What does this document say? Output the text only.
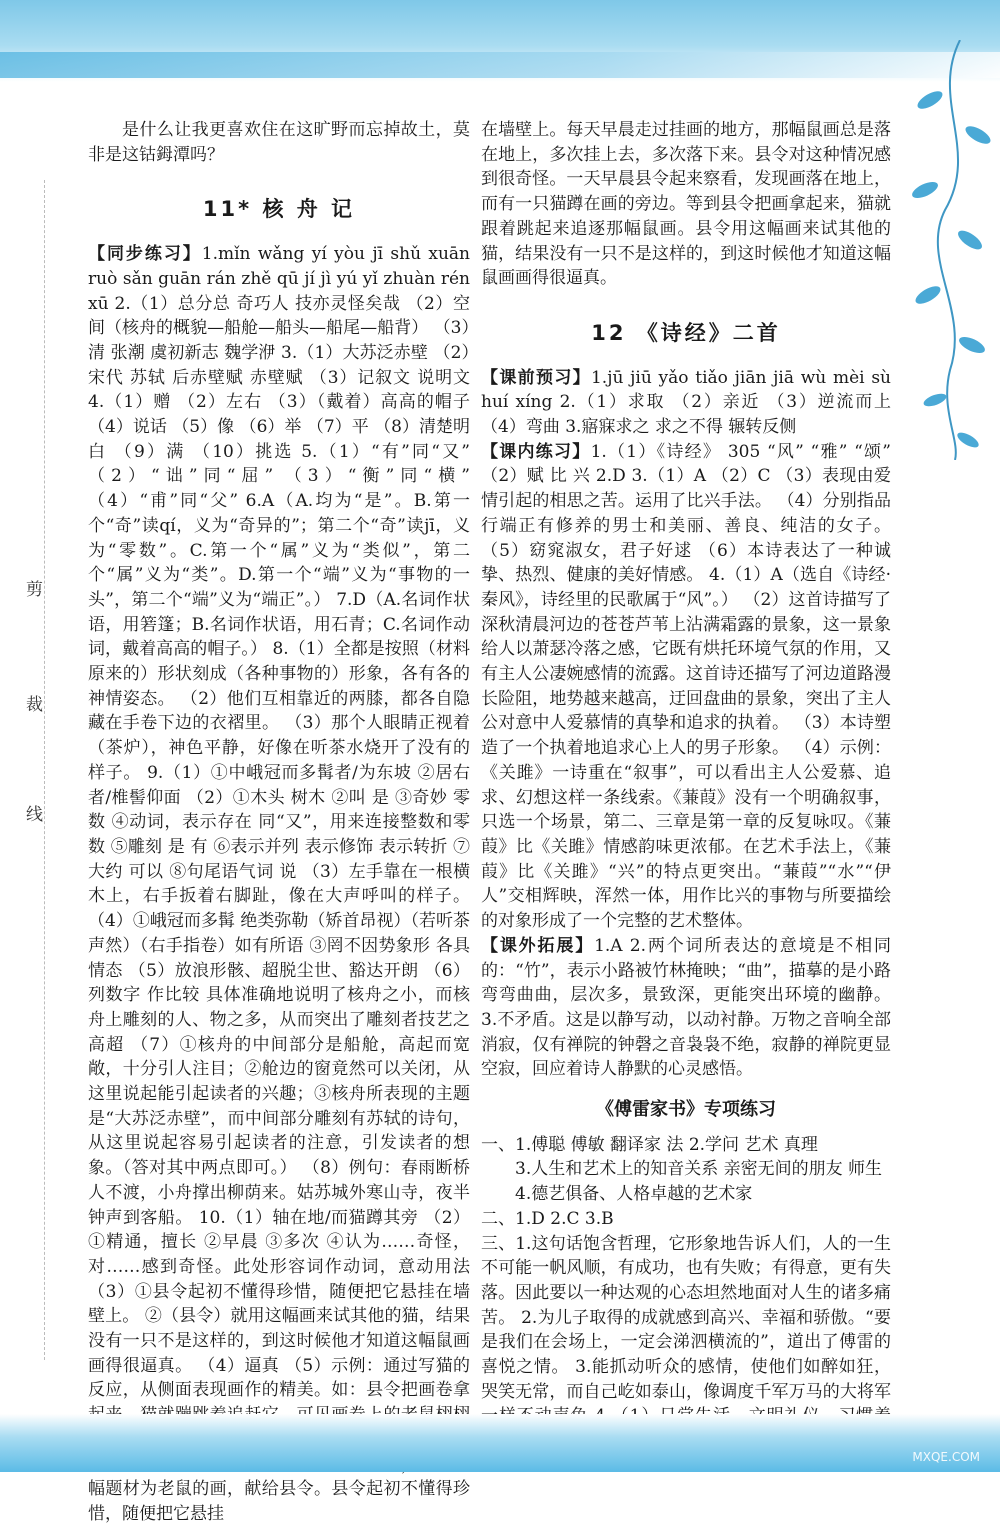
剪
裁
线

是什么让我更喜欢住在这旷野而忘掉故土，莫非是这钴鉧潭吗？

11* 核 舟 记

【同步练习】1.mǐn wǎng yí yòu jī shǔ xuān ruò sǎn guān rán zhě qū jí jì yú yǐ zhuàn rén xū 2.（1）总分总 奇巧人 技亦灵怪矣哉 （2）空间（核舟的概貌—船舱—船头—船尾—船背） （3）清 张潮 虞初新志 魏学洢 3.（1）大苏泛赤壁 （2）宋代 苏轼 后赤壁赋 赤壁赋 （3）记叙文 说明文 4.（1）赠 （2）左右 （3）（戴着）高高的帽子 （4）说话 （5）像 （6）举 （7）平 （8）清楚明白 （9）满 （10）挑选 5.（1）“有”同“又” （2）“诎”同“屈” （3）“衡”同“横” （4）“甫”同“父” 6.A（A.均为“是”。B.第一个“奇”读qí，义为“奇异的”；第二个“奇”读jī，义为“零数”。C.第一个“属”义为“类似”，第二个“属”义为“类”。D.第一个“端”义为“事物的一头”，第二个“端”义为“端正”。） 7.D（A.名词作状语，用箬篷；B.名词作状语，用石青；C.名词作动词，戴着高高的帽子。） 8.（1）全都是按照（材料原来的）形状刻成（各种事物的）形象，各有各的神情姿态。 （2）他们互相靠近的两膝，都各自隐藏在手卷下边的衣褶里。 （3）那个人眼睛正视着（茶炉），神色平静，好像在听茶水烧开了没有的样子。 9.（1）①中峨冠而多髯者/为东坡 ②居右者/椎髻仰面 （2）①木头 树木 ②叫 是 ③奇妙 零数 ④动词，表示存在 同“又”，用来连接整数和零数 ⑤雕刻 是 有 ⑥表示并列 表示修饰 表示转折 ⑦大约 可以 ⑧句尾语气词 说 （3）左手靠在一根横木上，右手扳着右脚趾，像在大声呼叫的样子。 （4）①峨冠而多髯 绝类弥勒（矫首昂视）（若听茶声然）（右手指卷）如有所语 ③罔不因势象形 各具情态 （5）放浪形骸、超脱尘世、豁达开朗 （6）列数字 作比较 具体准确地说明了核舟之小，而核舟上雕刻的人、物之多，从而突出了雕刻者技艺之高超 （7）①核舟的中间部分是船舱，高起而宽敞，十分引人注目；②舱边的窗竟然可以关闭，从这里说起能引起读者的兴趣；③核舟所表现的主题是“大苏泛赤壁”，而中间部分雕刻有苏轼的诗句，从这里说起容易引起读者的注意，引发读者的想象。（答对其中两点即可。） （8）例句：春雨断桥人不渡，小舟撑出柳荫来。姑苏城外寒山寺，夜半钟声到客船。 10.（1）轴在地/而猫蹲其旁 （2）①精通，擅长 ②早晨 ③多次 ④认为……奇怪，对……感到奇怪。此处形容词作动词，意动用法 （3）①县令起初不懂得珍惜，随便把它悬挂在墙壁上。 ②（县令）就用这幅画来试其他的猫，结果没有一只不是这样的，到这时候他才知道这幅鼠画画得很逼真。 （4）逼真 （5）示例：通过写猫的反应，从侧面表现画作的精美。如：县令把画卷拿

幅题材为老鼠的画，献给县令。县令起初不懂得珍惜，随便把它悬挂

在墙壁上。每天早晨走过挂画的地方，那幅鼠画总是落在地上，多次挂上去，多次落下来。县令对这种情况感到很奇怪。一天早晨县令起来察看，发现画落在地上，而有一只猫蹲在画的旁边。等到县令把画拿起来，猫就跟着跳起来追逐那幅鼠画。县令用这幅画来试其他的猫，结果没有一只不是这样的，到这时候他才知道这幅鼠画画得很逼真。

12 《诗经》二首

【课前预习】1.jū jiū yǎo tiǎo jiān jiā wù mèi sù huí xíng 2.（1）求取 （2）亲近 （3）逆流而上 （4）弯曲 3.寤寐求之 求之不得 辗转反侧

【课内练习】1.（1）《诗经》 305 “风” “雅” “颂” （2）赋 比 兴 2.D 3.（1）A （2）C （3）表现由爱情引起的相思之苦。运用了比兴手法。 （4）分别指品行端正有修养的男士和美丽、善良、纯洁的女子。 （5）窈窕淑女，君子好逑 （6）本诗表达了一种诚挚、热烈、健康的美好情感。 4.（1）A（选自《诗经·秦风》，诗经里的民歌属于“风”。） （2）这首诗描写了深秋清晨河边的苍苍芦苇上沾满霜露的景象，这一景象给人以萧瑟冷落之感，它既有烘托环境气氛的作用，又有主人公凄婉感情的流露。这首诗还描写了河边道路漫长险阻，地势越来越高，迂回盘曲的景象，突出了主人公对意中人爱慕情的真挚和追求的执着。 （3）本诗塑造了一个执着地追求心上人的男子形象。 （4）示例：《关雎》一诗重在“叙事”，可以看出主人公爱慕、追求、幻想这样一条线索。《蒹葭》没有一个明确叙事，只选一个场景，第二、三章是第一章的反复咏叹。《蒹葭》比《关雎》情感韵味更浓郁。在艺术手法上，《蒹葭》比《关雎》“兴”的特点更突出。“蒹葭”“水”“伊人”交相辉映，浑然一体，用作比兴的事物与所要描绘的对象形成了一个完整的艺术整体。

【课外拓展】1.A 2.两个词所表达的意境是不相同的：“竹”，表示小路被竹林掩映；“曲”，描摹的是小路弯弯曲曲，层次多，景致深，更能突出环境的幽静。 3.不矛盾。这是以静写动，以动衬静。万物之音响全部消寂，仅有禅院的钟磬之音袅袅不绝，寂静的禅院更显空寂，回应着诗人静默的心灵感悟。

《傅雷家书》专项练习

一、1.傅聪 傅敏 翻译家 法 2.学问 艺术 真理

3.人生和艺术上的知音关系 亲密无间的朋友 师生

4.德艺俱备、人格卓越的艺术家

二、1.D 2.C 3.B

三、1.这句话饱含哲理，它形象地告诉人们，人的一生不可能一帆风顺，有成功，也有失败；有得意，更有失落。因此要以一种达观的心态坦然地面对人生的诸多痛苦。 2.为儿子取得的成就感到高兴、幸福和骄傲。“要是我们在会场上，一定会涕泗横流的”，道出了傅雷的喜悦之情。 3.能抓动听众的感情，使他们如醉如狂，哭笑无常，而自己屹如泰山，像调度千军万马的大将军

MXQE.COM
